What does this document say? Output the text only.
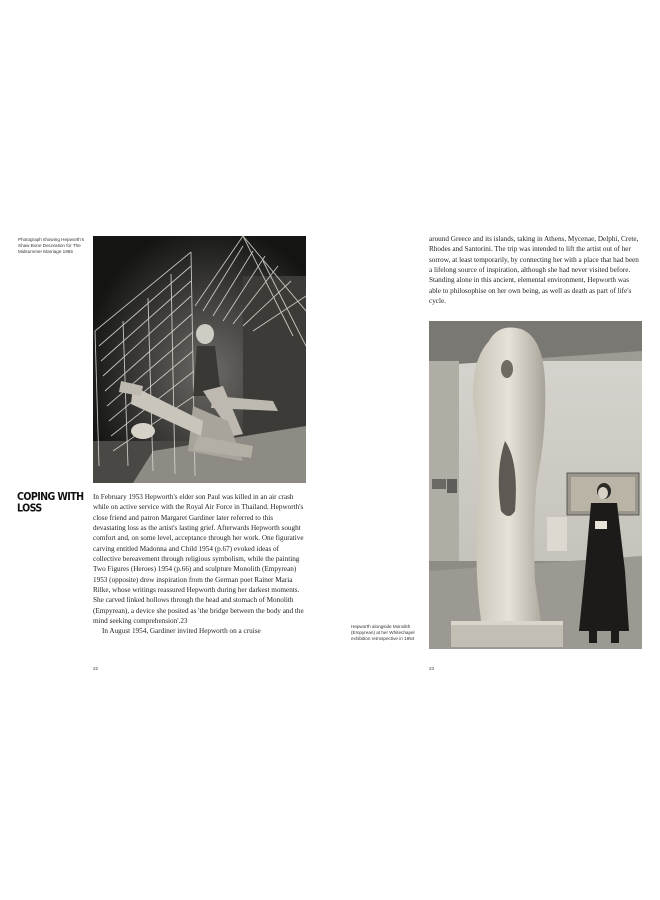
Photograph showing Hepworth's Shaw Bone Decoration for The Midsummer Marriage 1955
COPING WITH LOSS

In February 1953 Hepworth's elder son Paul was killed in an air crash while on active service with the Royal Air Force in Thailand. Hepworth's close friend and patron Margaret Gardiner later referred to this devastating loss as the artist's lasting grief. Afterwards Hepworth sought comfort and, on some level, acceptance through her work. One figurative carving entitled Madonna and Child 1954 (p.67) evoked ideas of collective bereavement through religious symbolism, while the painting Two Figures (Heroes) 1954 (p.66) and sculpture Monolith (Empyrean) 1953 (opposite) drew inspiration from the German poet Rainer Maria Rilke, whose writings reassured Hepworth during her darkest moments. She carved linked hollows through the head and stomach of Monolith (Empyrean), a device she posited as 'the bridge between the body and the mind seeking comprehension'.23

In August 1954, Gardiner invited Hepworth on a cruise

22

around Greece and its islands, taking in Athens, Mycenae, Delphi, Crete, Rhodes and Santorini. The trip was intended to lift the artist out of her sorrow, at least temporarily, by connecting her with a place that had been a lifelong source of inspiration, although she had never visited before. Standing alone in this ancient, elemental environment, Hepworth was able to philosophise on her own being, as well as death as part of life's cycle.

Hepworth alongside Monolith (Empyrean) at her Whitechapel exhibition retrospective in 1954
23
